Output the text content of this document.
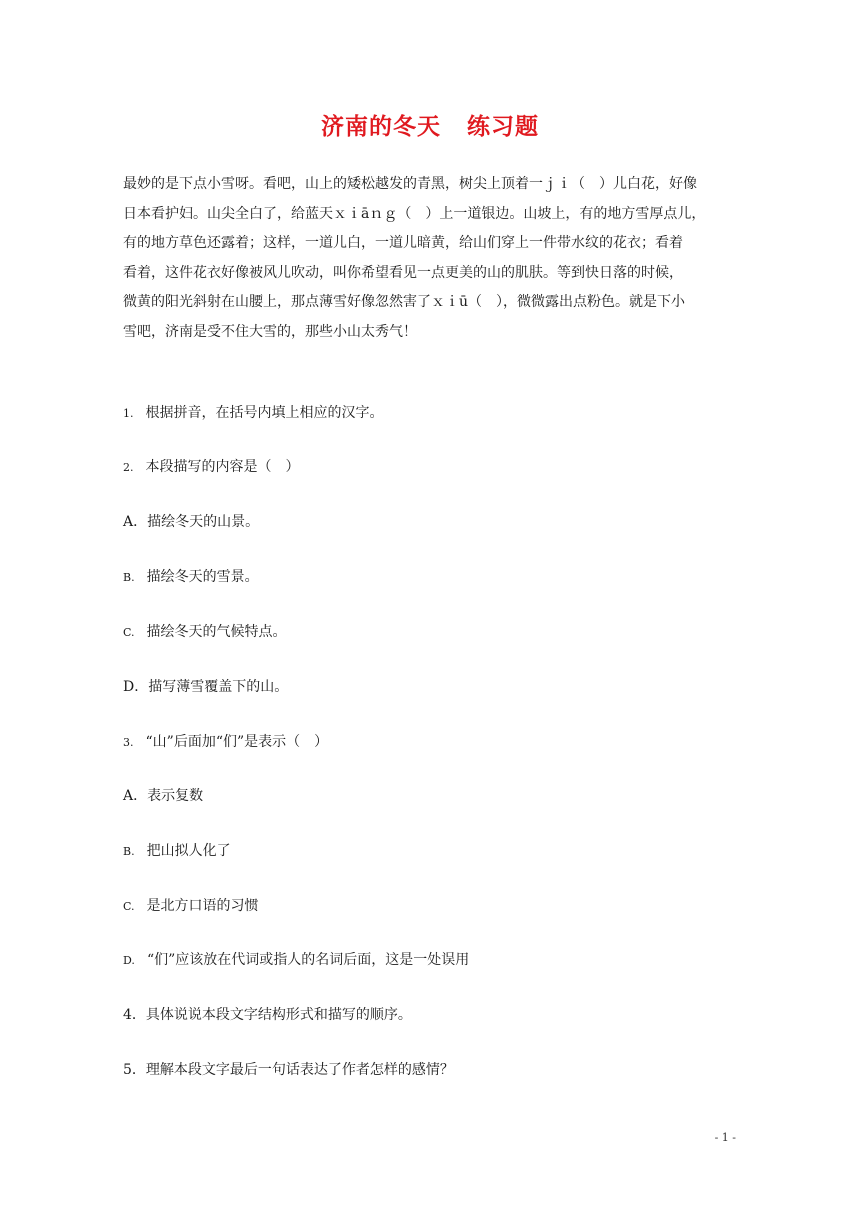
济南的冬天 练习题
最妙的是下点小雪呀。看吧，山上的矮松越发的青黑，树尖上顶着一ｊｉ（　）儿白花，好像
日本看护妇。山尖全白了，给蓝天ｘｉāｎｇ（　）上一道银边。山坡上，有的地方雪厚点儿，
有的地方草色还露着；这样，一道儿白，一道儿暗黄，给山们穿上一件带水纹的花衣；看着
看着，这件花衣好像被风儿吹动，叫你希望看见一点更美的山的肌肤。等到快日落的时候，
微黄的阳光斜射在山腰上，那点薄雪好像忽然害了ｘｉū（　），微微露出点粉色。就是下小
雪吧，济南是受不住大雪的，那些小山太秀气！
1. 根据拼音，在括号内填上相应的汉字。
2. 本段描写的内容是（　）
A．描绘冬天的山景。
B. 描绘冬天的雪景。
C. 描绘冬天的气候特点。
D．描写薄雪覆盖下的山。
3. “山”后面加“们”是表示（　）
A．表示复数
B. 把山拟人化了
C. 是北方口语的习惯
D. “们”应该放在代词或指人的名词后面，这是一处误用
4．具体说说本段文字结构形式和描写的顺序。
5．理解本段文字最后一句话表达了作者怎样的感情？
- 1 -
